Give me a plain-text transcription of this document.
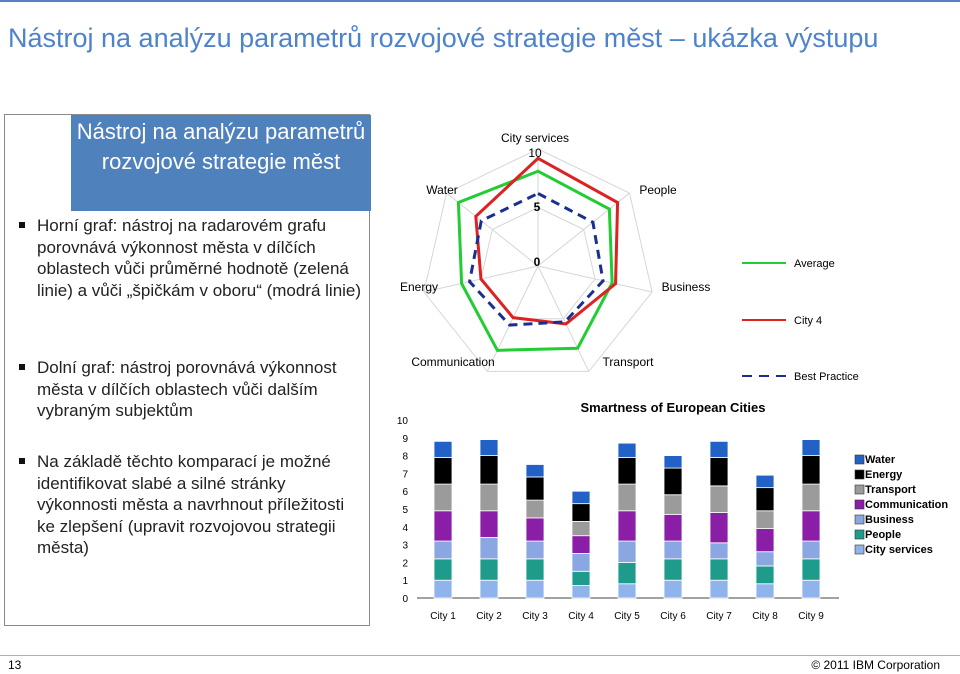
Nástroj na analýzu parametrů rozvojové strategie měst – ukázka výstupu
Nástroj na analýzu parametrů rozvojové strategie měst
Horní graf: nástroj na radarovém grafu porovnává výkonnost města v dílčích oblastech vůči průměrné hodnotě (zelená linie) a vůči „špičkám v oboru“ (modrá linie)
Dolní graf: nástroj porovnává výkonnost města v dílčích oblastech vůči dalším vybraným subjektům
Na základě těchto komparací je možné identifikovat slabé a silné stránky výkonnosti města a navrhnout příležitosti ke zlepšení (upravit rozvojovou strategii města)
City services
People
Business
Transport
Communication
Energy
Water
10
5
0	Average
City 4
Best Practice
Smartness of European Cities
0
1
2
3
4
5
6
7
8
9
10
City 1 City 2 City 3 City 4 City 5 City 6 City 7 City 8 City 9
Water
Energy
Transport
Communication
Business
People
City services
13	© 2011 IBM Corporation
